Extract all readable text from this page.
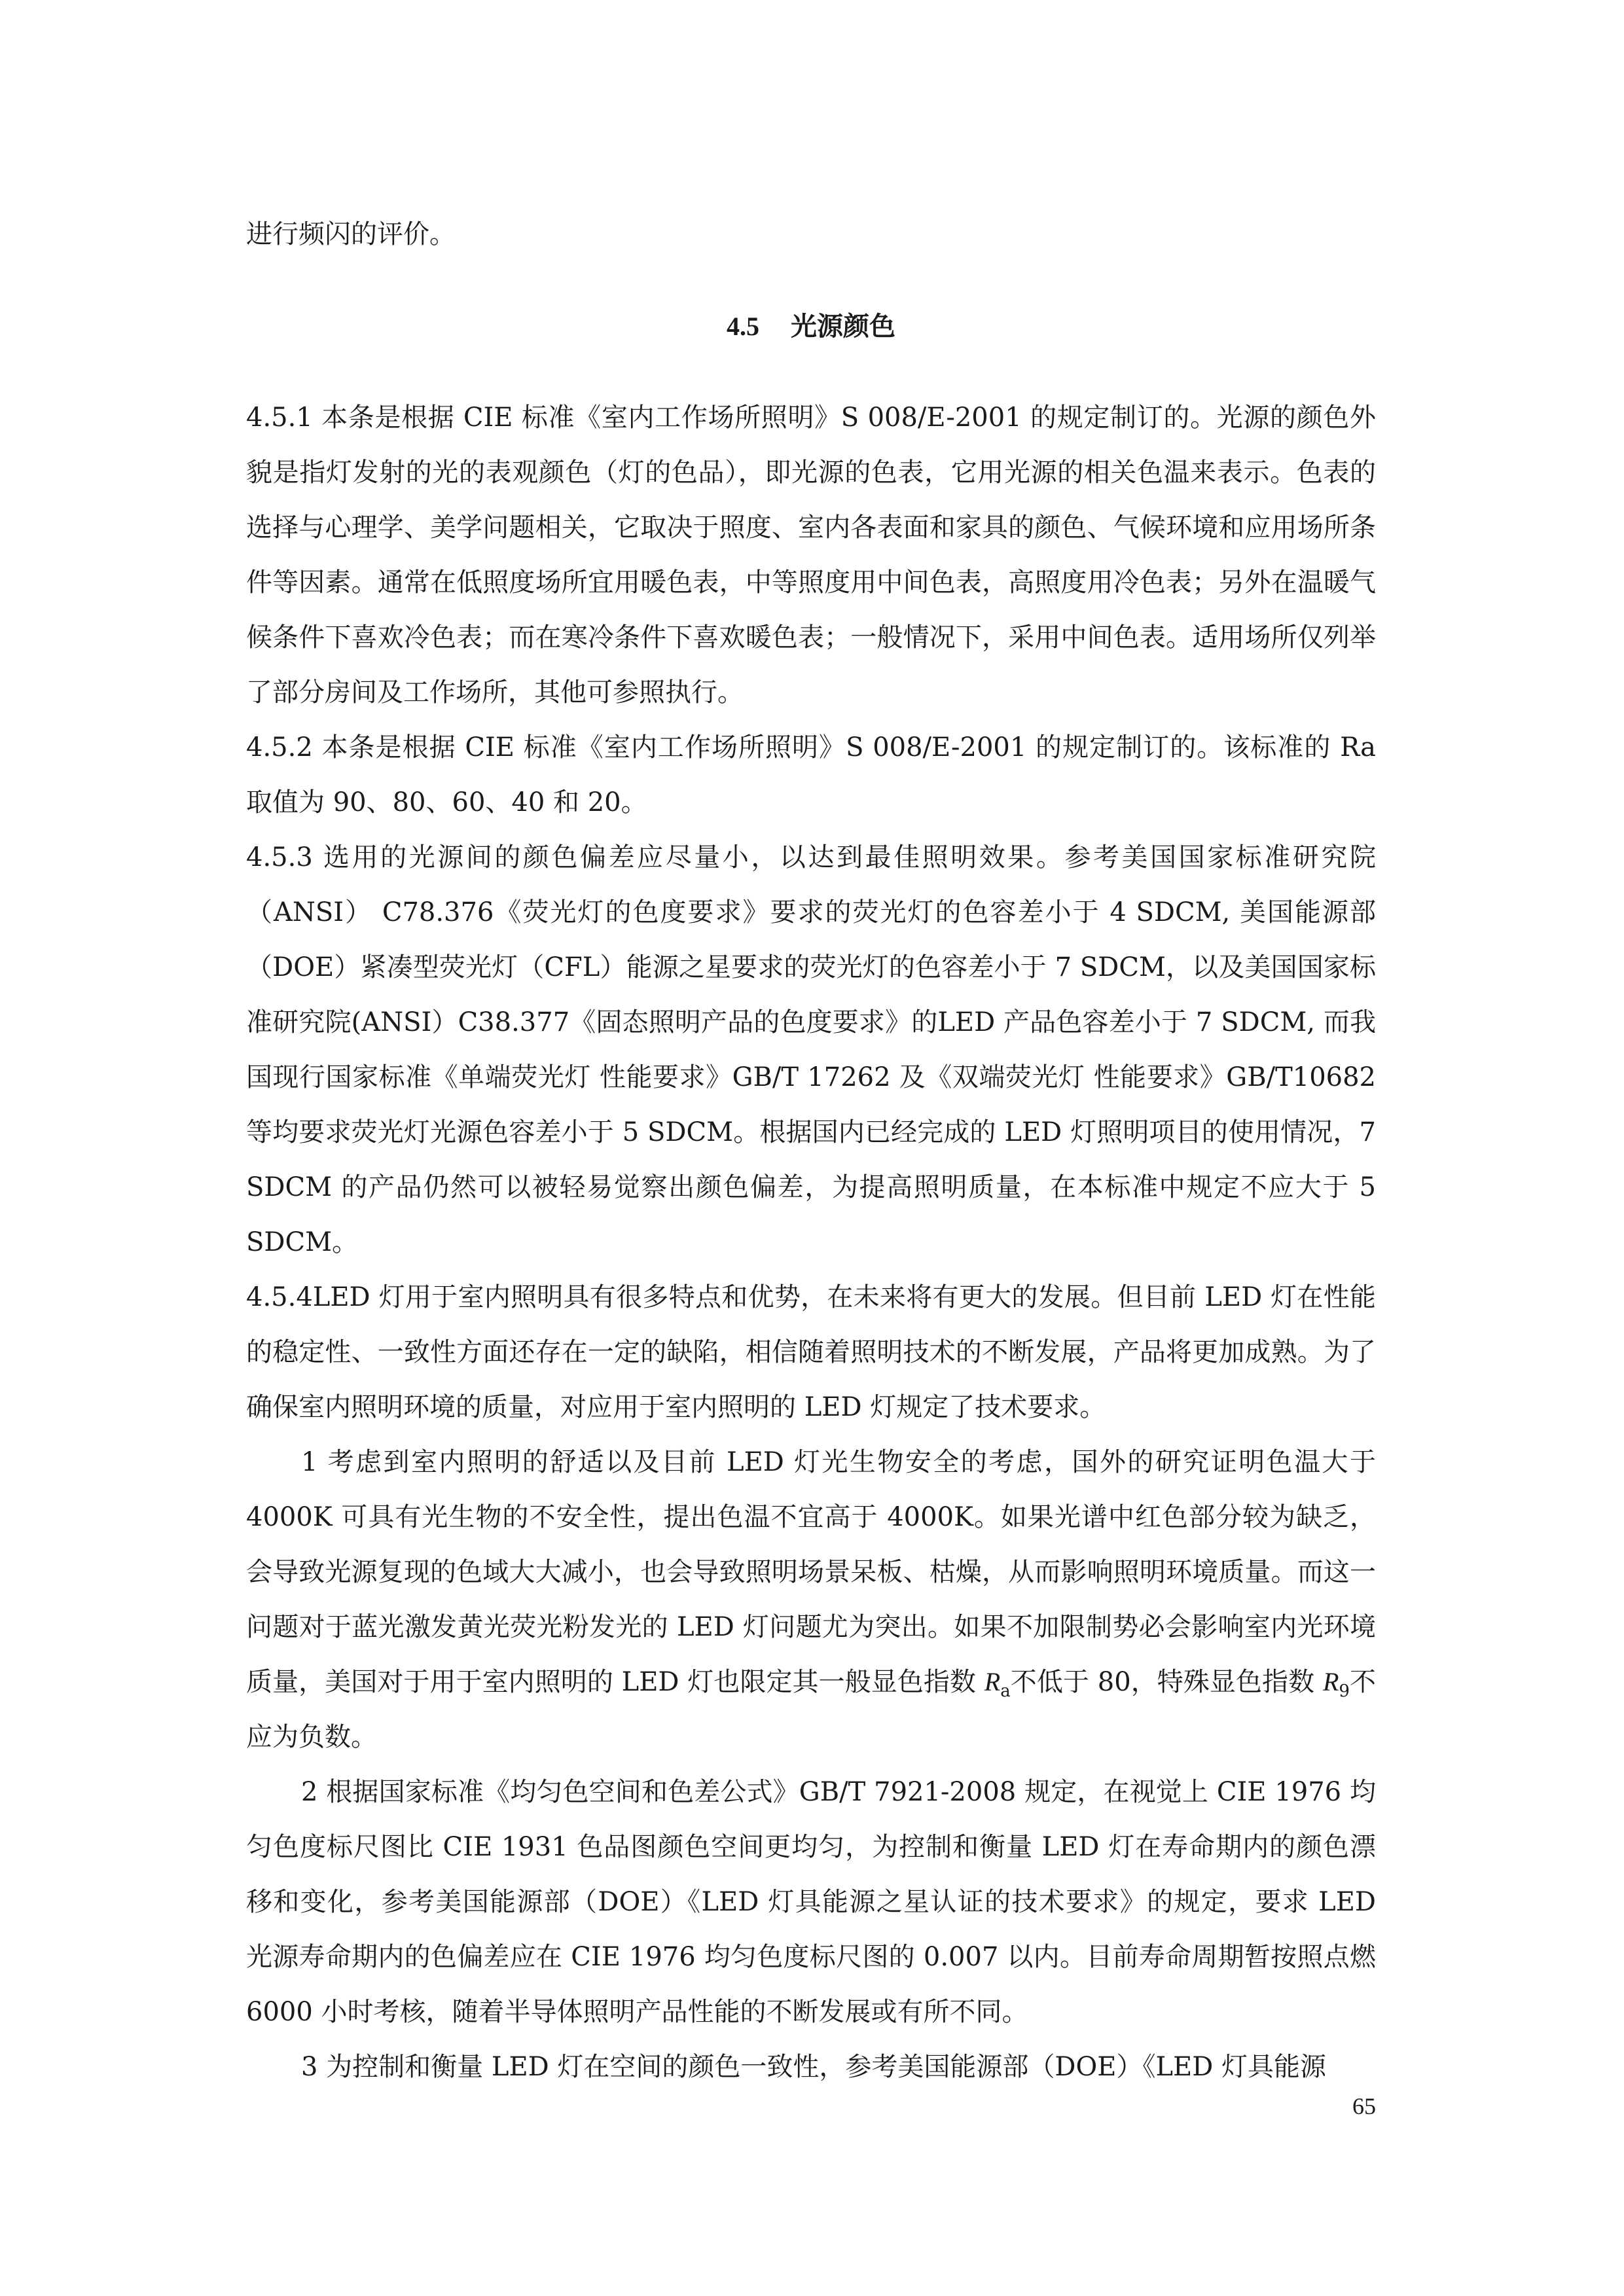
进行频闪的评价。

4.5 光源颜色

4.5.1 本条是根据 CIE 标准《室内工作场所照明》S 008/E-2001 的规定制订的。光源的颜色外貌是指灯发射的光的表观颜色（灯的色品），即光源的色表，它用光源的相关色温来表示。色表的选择与心理学、美学问题相关，它取决于照度、室内各表面和家具的颜色、气候环境和应用场所条件等因素。通常在低照度场所宜用暖色表，中等照度用中间色表，高照度用冷色表；另外在温暖气候条件下喜欢冷色表；而在寒冷条件下喜欢暖色表；一般情况下，采用中间色表。适用场所仅列举了部分房间及工作场所，其他可参照执行。

4.5.2 本条是根据 CIE 标准《室内工作场所照明》S 008/E-2001 的规定制订的。该标准的 Ra 取值为 90、80、60、40 和 20。

4.5.3 选用的光源间的颜色偏差应尽量小，以达到最佳照明效果。参考美国国家标准研究院（ANSI） C78.376《荧光灯的色度要求》要求的荧光灯的色容差小于 4 SDCM, 美国能源部（DOE）紧凑型荧光灯（CFL）能源之星要求的荧光灯的色容差小于 7 SDCM，以及美国国家标准研究院(ANSI）C38.377《固态照明产品的色度要求》的LED 产品色容差小于 7 SDCM, 而我国现行国家标准《单端荧光灯 性能要求》GB/T 17262 及《双端荧光灯 性能要求》GB/T10682 等均要求荧光灯光源色容差小于 5 SDCM。根据国内已经完成的 LED 灯照明项目的使用情况，7 SDCM 的产品仍然可以被轻易觉察出颜色偏差，为提高照明质量，在本标准中规定不应大于 5 SDCM。

4.5.4LED 灯用于室内照明具有很多特点和优势，在未来将有更大的发展。但目前 LED 灯在性能的稳定性、一致性方面还存在一定的缺陷，相信随着照明技术的不断发展，产品将更加成熟。为了确保室内照明环境的质量，对应用于室内照明的 LED 灯规定了技术要求。

1 考虑到室内照明的舒适以及目前 LED 灯光生物安全的考虑，国外的研究证明色温大于 4000K 可具有光生物的不安全性，提出色温不宜高于 4000K。如果光谱中红色部分较为缺乏，会导致光源复现的色域大大减小，也会导致照明场景呆板、枯燥，从而影响照明环境质量。而这一问题对于蓝光激发黄光荧光粉发光的 LED 灯问题尤为突出。如果不加限制势必会影响室内光环境质量，美国对于用于室内照明的 LED 灯也限定其一般显色指数 $R_a$不低于 80，特殊显色指数 $R_9$不应为负数。

2 根据国家标准《均匀色空间和色差公式》GB/T 7921-2008 规定，在视觉上 CIE 1976 均匀色度标尺图比 CIE 1931 色品图颜色空间更均匀，为控制和衡量 LED 灯在寿命期内的颜色漂移和变化，参考美国能源部（DOE）《LED 灯具能源之星认证的技术要求》的规定，要求 LED 光源寿命期内的色偏差应在 CIE 1976 均匀色度标尺图的 0.007 以内。目前寿命周期暂按照点燃 6000 小时考核，随着半导体照明产品性能的不断发展或有所不同。

3 为控制和衡量 LED 灯在空间的颜色一致性，参考美国能源部（DOE）《LED 灯具能源

65
